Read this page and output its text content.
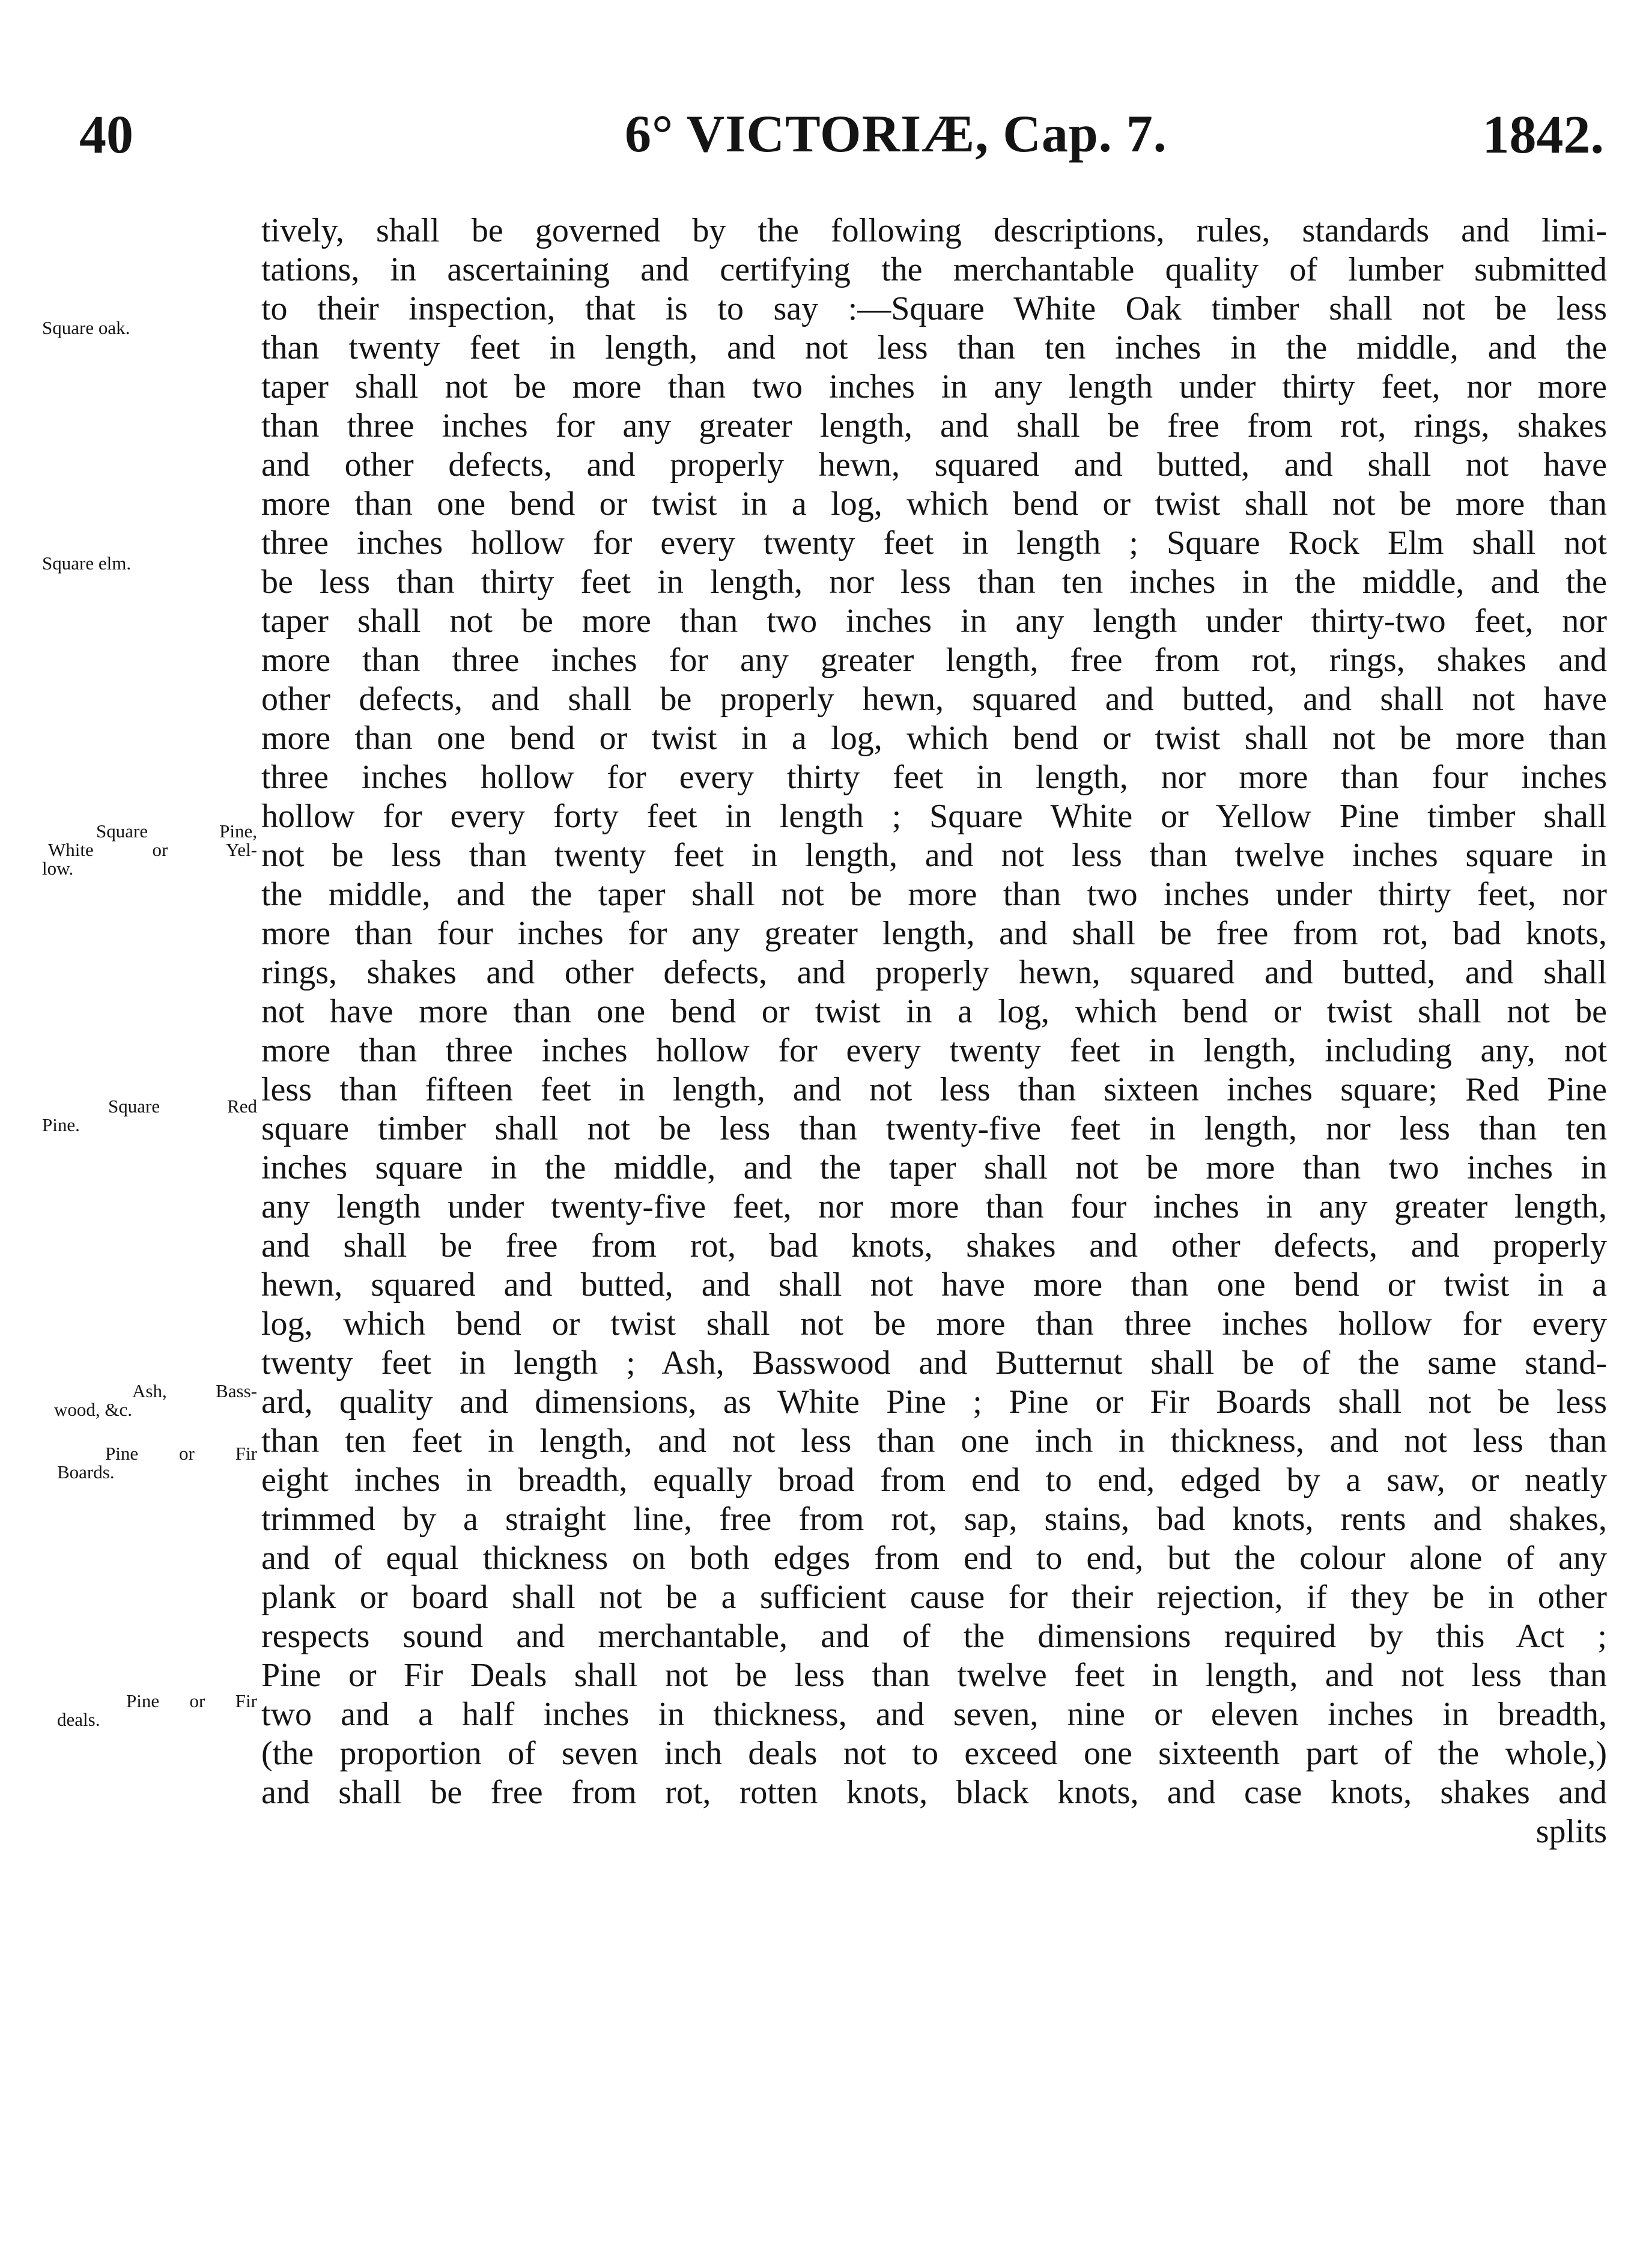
40	6° VICTORIÆ, Cap. 7.	1842.
Square oak.
Square elm.
Square Pine,
White or Yel-
low.
Square Red
Pine.
Ash, Bass-
wood, &c.
Pine or Fir
Boards.
Pine or Fir
deals.
tively, shall be governed by the following descriptions, rules, standards and limi-
tations, in ascertaining and certifying the merchantable quality of lumber submitted
to their inspection, that is to say :—Square White Oak timber shall not be less
than twenty feet in length, and not less than ten inches in the middle, and the
taper shall not be more than two inches in any length under thirty feet, nor more
than three inches for any greater length, and shall be free from rot, rings, shakes
and other defects, and properly hewn, squared and butted, and shall not have
more than one bend or twist in a log, which bend or twist shall not be more than
three inches hollow for every twenty feet in length ; Square Rock Elm shall not
be less than thirty feet in length, nor less than ten inches in the middle, and the
taper shall not be more than two inches in any length under thirty-two feet, nor
more than three inches for any greater length, free from rot, rings, shakes and
other defects, and shall be properly hewn, squared and butted, and shall not have
more than one bend or twist in a log, which bend or twist shall not be more than
three inches hollow for every thirty feet in length, nor more than four inches
hollow for every forty feet in length ; Square White or Yellow Pine timber shall
not be less than twenty feet in length, and not less than twelve inches square in
the middle, and the taper shall not be more than two inches under thirty feet, nor
more than four inches for any greater length, and shall be free from rot, bad knots,
rings, shakes and other defects, and properly hewn, squared and butted, and shall
not have more than one bend or twist in a log, which bend or twist shall not be
more than three inches hollow for every twenty feet in length, including any, not
less than fifteen feet in length, and not less than sixteen inches square; Red Pine
square timber shall not be less than twenty-five feet in length, nor less than ten
inches square in the middle, and the taper shall not be more than two inches in
any length under twenty-five feet, nor more than four inches in any greater length,
and shall be free from rot, bad knots, shakes and other defects, and properly
hewn, squared and butted, and shall not have more than one bend or twist in a
log, which bend or twist shall not be more than three inches hollow for every
twenty feet in length ; Ash, Basswood and Butternut shall be of the same stand-
ard, quality and dimensions, as White Pine ; Pine or Fir Boards shall not be less
than ten feet in length, and not less than one inch in thickness, and not less than
eight inches in breadth, equally broad from end to end, edged by a saw, or neatly
trimmed by a straight line, free from rot, sap, stains, bad knots, rents and shakes,
and of equal thickness on both edges from end to end, but the colour alone of any
plank or board shall not be a sufficient cause for their rejection, if they be in other
respects sound and merchantable, and of the dimensions required by this Act ;
Pine or Fir Deals shall not be less than twelve feet in length, and not less than
two and a half inches in thickness, and seven, nine or eleven inches in breadth,
(the proportion of seven inch deals not to exceed one sixteenth part of the whole,)
and shall be free from rot, rotten knots, black knots, and case knots, shakes and
splits
